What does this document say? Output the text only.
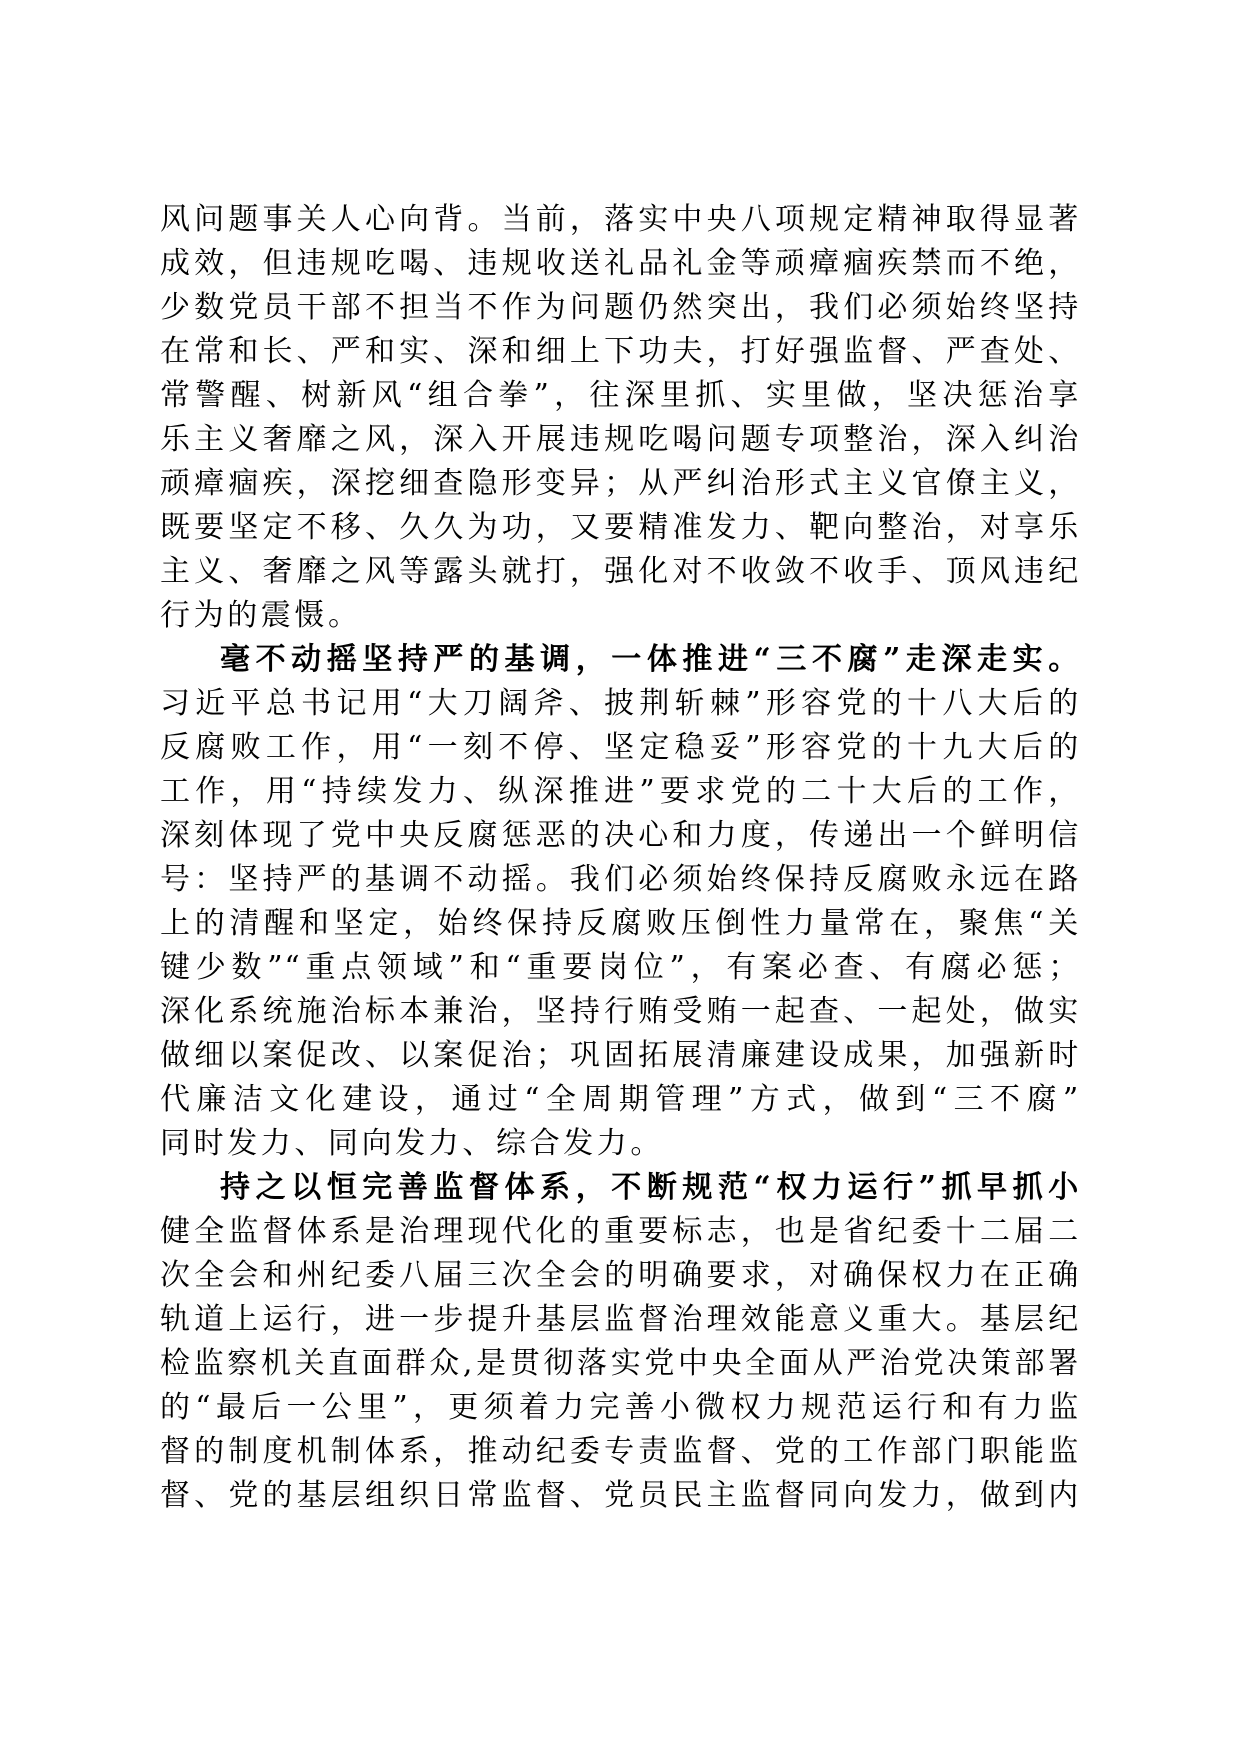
风问题事关人心向背。当前，落实中央八项规定精神取得显著
成效，但违规吃喝、违规收送礼品礼金等顽瘴痼疾禁而不绝，
少数党员干部不担当不作为问题仍然突出，我们必须始终坚持
在常和长、严和实、深和细上下功夫，打好强监督、严查处、
常警醒、树新风“组合拳”，往深里抓、实里做，坚决惩治享
乐主义奢靡之风，深入开展违规吃喝问题专项整治，深入纠治
顽瘴痼疾，深挖细查隐形变异；从严纠治形式主义官僚主义，
既要坚定不移、久久为功，又要精准发力、靶向整治，对享乐
主义、奢靡之风等露头就打，强化对不收敛不收手、顶风违纪
行为的震慑。
毫不动摇坚持严的基调，一体推进“三不腐”走深走实。
习近平总书记用“大刀阔斧、披荆斩棘”形容党的十八大后的
反腐败工作，用“一刻不停、坚定稳妥”形容党的十九大后的
工作，用“持续发力、纵深推进”要求党的二十大后的工作，
深刻体现了党中央反腐惩恶的决心和力度，传递出一个鲜明信
号：坚持严的基调不动摇。我们必须始终保持反腐败永远在路
上的清醒和坚定，始终保持反腐败压倒性力量常在，聚焦“关
键少数”“重点领域”和“重要岗位”，有案必查、有腐必惩；
深化系统施治标本兼治，坚持行贿受贿一起查、一起处，做实
做细以案促改、以案促治；巩固拓展清廉建设成果，加强新时
代廉洁文化建设，通过“全周期管理”方式，做到“三不腐”
同时发力、同向发力、综合发力。
持之以恒完善监督体系，不断规范“权力运行”抓早抓小
健全监督体系是治理现代化的重要标志，也是省纪委十二届二
次全会和州纪委八届三次全会的明确要求，对确保权力在正确
轨道上运行，进一步提升基层监督治理效能意义重大。基层纪
检监察机关直面群众,是贯彻落实党中央全面从严治党决策部署
的“最后一公里”，更须着力完善小微权力规范运行和有力监
督的制度机制体系，推动纪委专责监督、党的工作部门职能监
督、党的基层组织日常监督、党员民主监督同向发力，做到内
